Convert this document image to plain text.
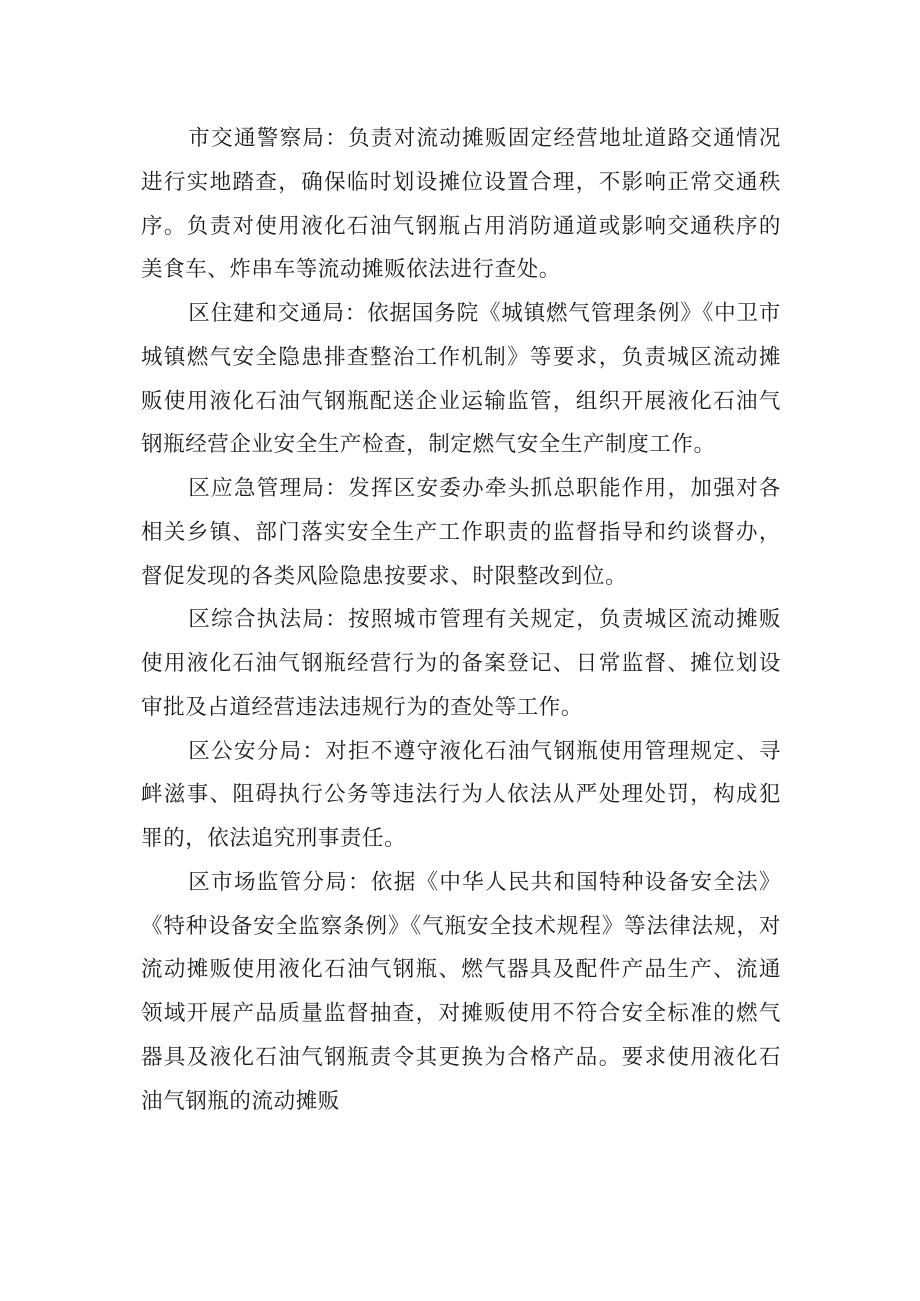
市交通警察局：负责对流动摊贩固定经营地址道路交通情况进行实地踏查，确保临时划设摊位设置合理，不影响正常交通秩序。负责对使用液化石油气钢瓶占用消防通道或影响交通秩序的美食车、炸串车等流动摊贩依法进行查处。

区住建和交通局：依据国务院《城镇燃气管理条例》《中卫市城镇燃气安全隐患排查整治工作机制》等要求，负责城区流动摊贩使用液化石油气钢瓶配送企业运输监管，组织开展液化石油气钢瓶经营企业安全生产检查，制定燃气安全生产制度工作。

区应急管理局：发挥区安委办牵头抓总职能作用，加强对各相关乡镇、部门落实安全生产工作职责的监督指导和约谈督办，督促发现的各类风险隐患按要求、时限整改到位。

区综合执法局：按照城市管理有关规定，负责城区流动摊贩使用液化石油气钢瓶经营行为的备案登记、日常监督、摊位划设审批及占道经营违法违规行为的查处等工作。

区公安分局：对拒不遵守液化石油气钢瓶使用管理规定、寻衅滋事、阻碍执行公务等违法行为人依法从严处理处罚，构成犯罪的，依法追究刑事责任。

区市场监管分局：依据《中华人民共和国特种设备安全法》《特种设备安全监察条例》《气瓶安全技术规程》等法律法规，对流动摊贩使用液化石油气钢瓶、燃气器具及配件产品生产、流通领域开展产品质量监督抽查，对摊贩使用不符合安全标准的燃气器具及液化石油气钢瓶责令其更换为合格产品。要求使用液化石油气钢瓶的流动摊贩
